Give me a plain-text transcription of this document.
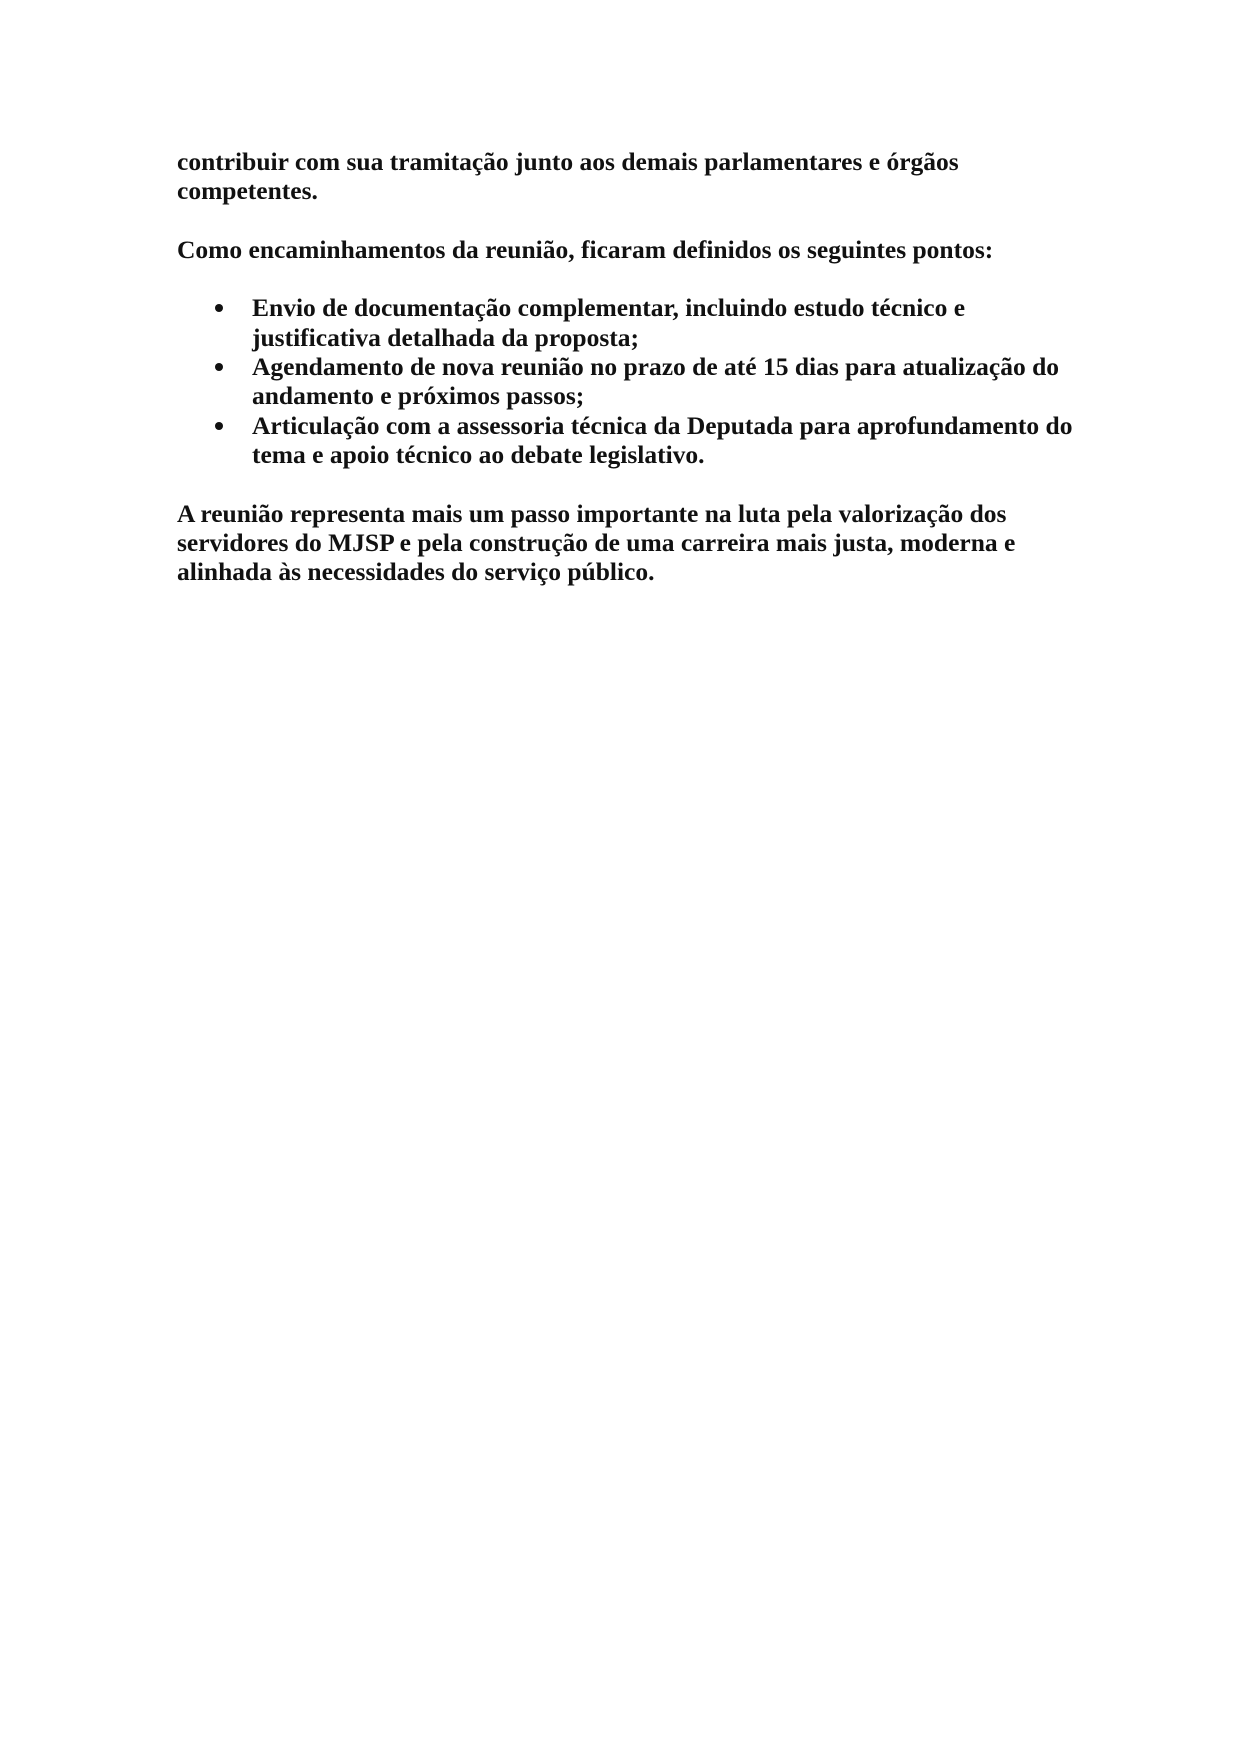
contribuir com sua tramitação junto aos demais parlamentares e órgãos competentes.

Como encaminhamentos da reunião, ficaram definidos os seguintes pontos:

Envio de documentação complementar, incluindo estudo técnico e justificativa detalhada da proposta;
Agendamento de nova reunião no prazo de até 15 dias para atualização do andamento e próximos passos;
Articulação com a assessoria técnica da Deputada para aprofundamento do tema e apoio técnico ao debate legislativo.

A reunião representa mais um passo importante na luta pela valorização dos servidores do MJSP e pela construção de uma carreira mais justa, moderna e alinhada às necessidades do serviço público.
